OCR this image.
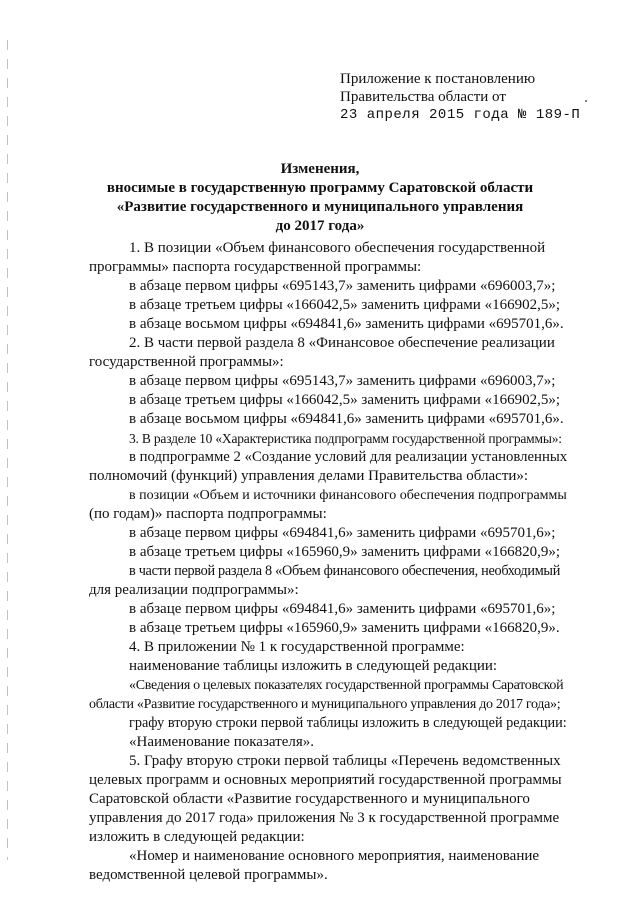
Приложение к постановлению
Правительства области от
23 апреля 2015 года № 189-П
Изменения,
вносимые в государственную программу Саратовской области
«Развитие государственного и муниципального управления
до 2017 года»

1. В позиции «Объем финансового обеспечения государственной

программы» паспорта государственной программы:

в абзаце первом цифры «695143,7» заменить цифрами «696003,7»;

в абзаце третьем цифры «166042,5» заменить цифрами «166902,5»;

в абзаце восьмом цифры «694841,6» заменить цифрами «695701,6».

2. В части первой раздела 8 «Финансовое обеспечение реализации

государственной программы»:

в абзаце первом цифры «695143,7» заменить цифрами «696003,7»;

в абзаце третьем цифры «166042,5» заменить цифрами «166902,5»;

в абзаце восьмом цифры «694841,6» заменить цифрами «695701,6».

3. В разделе 10 «Характеристика подпрограмм государственной программы»:

в подпрограмме 2 «Создание условий для реализации установленных

полномочий (функций) управления делами Правительства области»:

в позиции «Объем и источники финансового обеспечения подпрограммы

(по годам)» паспорта подпрограммы:

в абзаце первом цифры «694841,6» заменить цифрами «695701,6»;

в абзаце третьем цифры «165960,9» заменить цифрами «166820,9»;

в части первой раздела 8 «Объем финансового обеспечения, необходимый

для реализации подпрограммы»:

в абзаце первом цифры «694841,6» заменить цифрами «695701,6»;

в абзаце третьем цифры «165960,9» заменить цифрами «166820,9».

4. В приложении № 1 к государственной программе:

наименование таблицы изложить в следующей редакции:

«Сведения о целевых показателях государственной программы Саратовской

области «Развитие государственного и муниципального управления до 2017 года»;

графу вторую строки первой таблицы изложить в следующей редакции:

«Наименование показателя».

5. Графу вторую строки первой таблицы «Перечень ведомственных

целевых программ и основных мероприятий государственной программы

Саратовской области «Развитие государственного и муниципального

управления до 2017 года» приложения № 3 к государственной программе

изложить в следующей редакции:

«Номер и наименование основного мероприятия, наименование

ведомственной целевой программы».
